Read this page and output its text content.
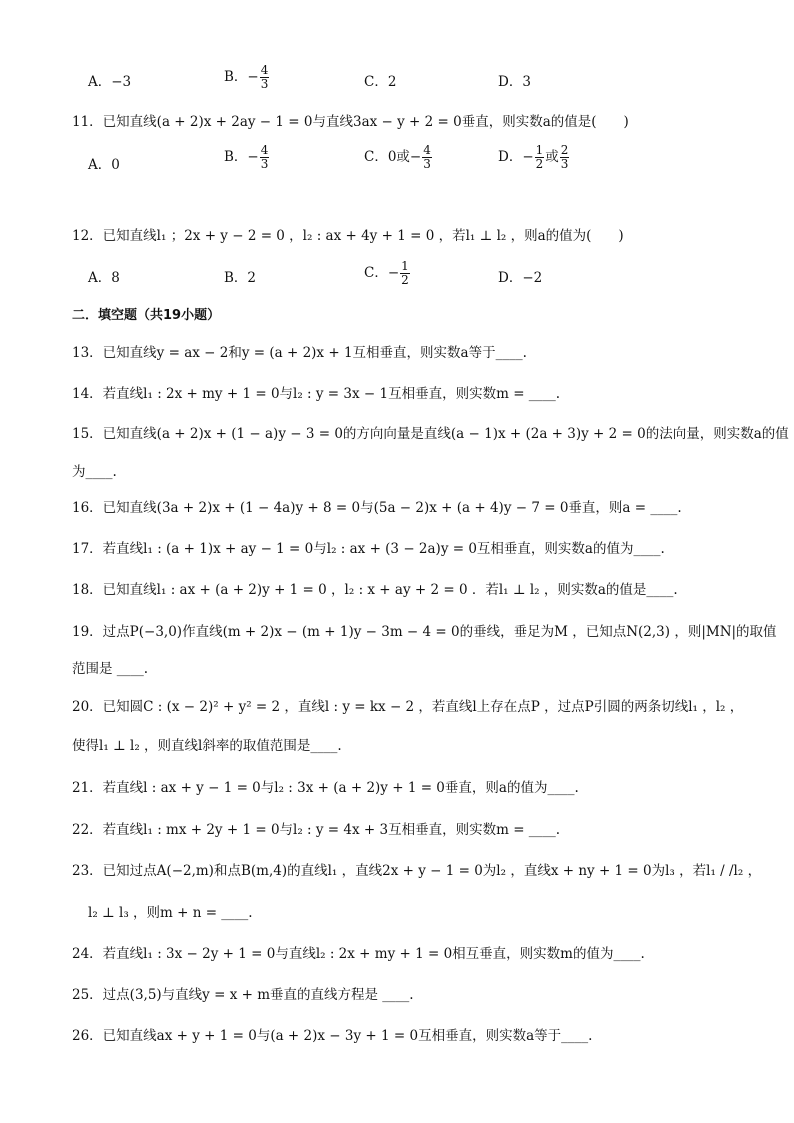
A．−3	B．− $\frac{4}{3}$	C．2	D．3
11．已知直线(a + 2)x + 2ay − 1 = 0与直线3ax − y + 2 = 0垂直，则实数a的值是(　　)
A．0	B．− $\frac{4}{3}$	C．0或− $\frac{4}{3}$	D．− $\frac{1}{2}$ 或 $\frac{2}{3}$
12．已知直线l₁ ；2x + y − 2 = 0 ，l₂ : ax + 4y + 1 = 0 ，若l₁ ⊥ l₂ ，则a的值为(　　)
A．8	B．2	C．− $\frac{1}{2}$	D．−2
二．填空题（共19小题）
13．已知直线y = ax − 2和y = (a + 2)x + 1互相垂直，则实数a等于____.
14．若直线l₁ : 2x + my + 1 = 0与l₂ : y = 3x − 1互相垂直，则实数m = ____.
15．已知直线(a + 2)x + (1 − a)y − 3 = 0的方向向量是直线(a − 1)x + (2a + 3)y + 2 = 0的法向量，则实数a的值
为____.
16．已知直线(3a + 2)x + (1 − 4a)y + 8 = 0与(5a − 2)x + (a + 4)y − 7 = 0垂直，则a = ____.
17．若直线l₁ : (a + 1)x + ay − 1 = 0与l₂ : ax + (3 − 2a)y = 0互相垂直，则实数a的值为____.
18．已知直线l₁ : ax + (a + 2)y + 1 = 0 ，l₂ : x + ay + 2 = 0 ．若l₁ ⊥ l₂ ，则实数a的值是____.
19．过点P(−3,0)作直线(m + 2)x − (m + 1)y − 3m − 4 = 0的垂线，垂足为M ，已知点N(2,3) ，则|MN|的取值
范围是 ____.
20．已知圆C : (x − 2)² + y² = 2 ，直线l : y = kx − 2 ，若直线l上存在点P ，过点P引圆的两条切线l₁ ，l₂ ，
使得l₁ ⊥ l₂ ，则直线l斜率的取值范围是____.
21．若直线l : ax + y − 1 = 0与l₂ : 3x + (a + 2)y + 1 = 0垂直，则a的值为____.
22．若直线l₁ : mx + 2y + 1 = 0与l₂ : y = 4x + 3互相垂直，则实数m = ____.
23．已知过点A(−2,m)和点B(m,4)的直线l₁ ，直线2x + y − 1 = 0为l₂ ，直线x + ny + 1 = 0为l₃ ，若l₁ / /l₂ ，
l₂ ⊥ l₃ ，则m + n = ____.
24．若直线l₁ : 3x − 2y + 1 = 0与直线l₂ : 2x + my + 1 = 0相互垂直，则实数m的值为____.
25．过点(3,5)与直线y = x + m垂直的直线方程是 ____.
26．已知直线ax + y + 1 = 0与(a + 2)x − 3y + 1 = 0互相垂直，则实数a等于____.
